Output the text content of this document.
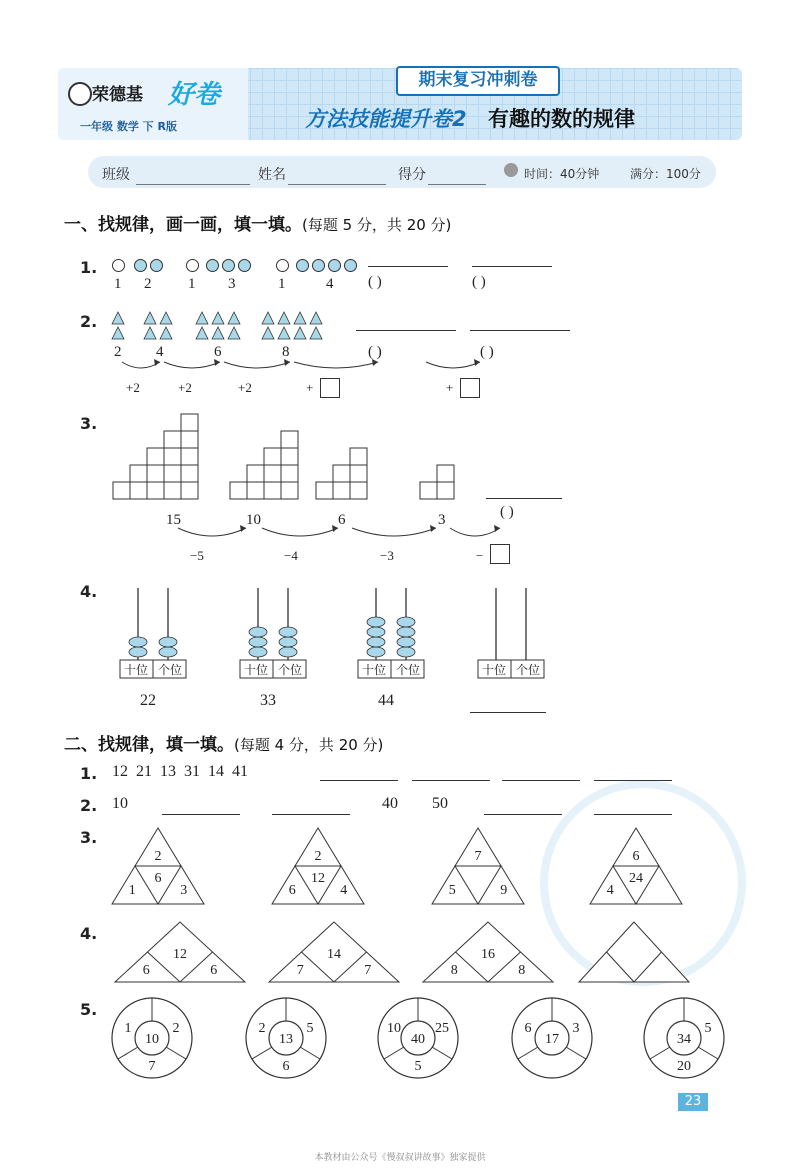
荣德基 好卷
一年级 数学 下 R版
期末复习冲刺卷
方法技能提升卷2 有趣的数的规律
班级	姓名	得分	时间：40分钟	满分：100分
一、找规律，画一画，填一填。(每题 5 分，共 20 分)
1.
1 2 1 3	1	4 ( )	( )
2.
十位 个位	十位 个位	十位 个位	十位 个位
2
6
1	3
2
12
6	4
7
5	9
6
24
4
12
6	6
14
7	7
16
8	8
10
1	2
7
13
2	5
6
40
10 25
5
17
6	3
34
5
20
2 4	6	8	( )	( )
+2	+2	+2	+	+
3.
15	10	6	3	( )
−5	−4	−3	−
4.
22	33	44
二、找规律，填一填。(每题 4 分，共 20 分)
1. 12  21  13  31  14  41
2. 10	40 50
3.
4.
5.
23
本教材由公众号《慢叔叔讲故事》独家提供
